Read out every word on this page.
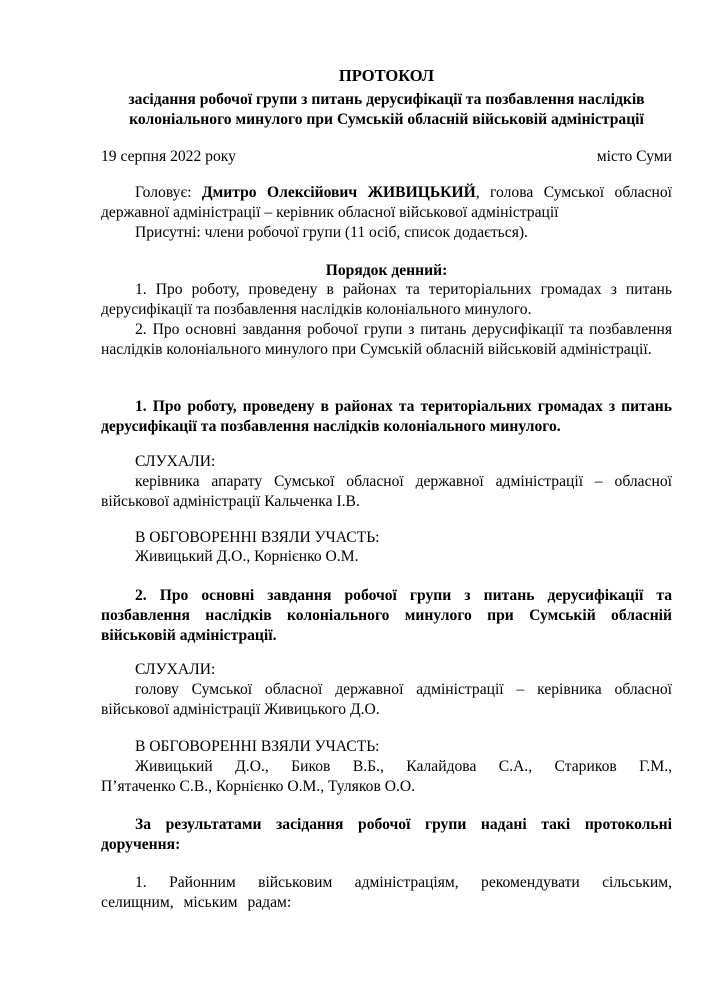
ПРОТОКОЛ
засідання робочої групи з питань дерусифікації та позбавлення наслідків колоніального минулого при Сумській обласній військовій адміністрації
19 серпня 2022 року	місто Суми
Головує: Дмитро Олексійович ЖИВИЦЬКИЙ, голова Сумської обласної державної адміністрації – керівник обласної військової адміністрації
Присутні: члени робочої групи (11 осіб, список додається).
Порядок денний:
1. Про роботу, проведену в районах та територіальних громадах з питань дерусифікації та позбавлення наслідків колоніального минулого.
2. Про основні завдання робочої групи з питань дерусифікації та позбавлення наслідків колоніального минулого при Сумській обласній військовій адміністрації.
1. Про роботу, проведену в районах та територіальних громадах з питань дерусифікації та позбавлення наслідків колоніального минулого.
СЛУХАЛИ:
керівника апарату Сумської обласної державної адміністрації – обласної військової адміністрації Кальченка І.В.
В ОБГОВОРЕННІ ВЗЯЛИ УЧАСТЬ:
Живицький Д.О., Корнієнко О.М.
2. Про основні завдання робочої групи з питань дерусифікації та позбавлення наслідків колоніального минулого при Сумській обласній військовій адміністрації.
СЛУХАЛИ:
голову Сумської обласної державної адміністрації – керівника обласної військової адміністрації Живицького Д.О.
В ОБГОВОРЕННІ ВЗЯЛИ УЧАСТЬ:
Живицький Д.О., Биков В.Б., Калайдова С.А., Стариков Г.М.,
П’ятаченко С.В., Корнієнко О.М., Туляков О.О.
За результатами засідання робочої групи надані такі протокольні доручення:
1. Районним військовим адміністраціям, рекомендувати сільським, селищним, міським радам:
